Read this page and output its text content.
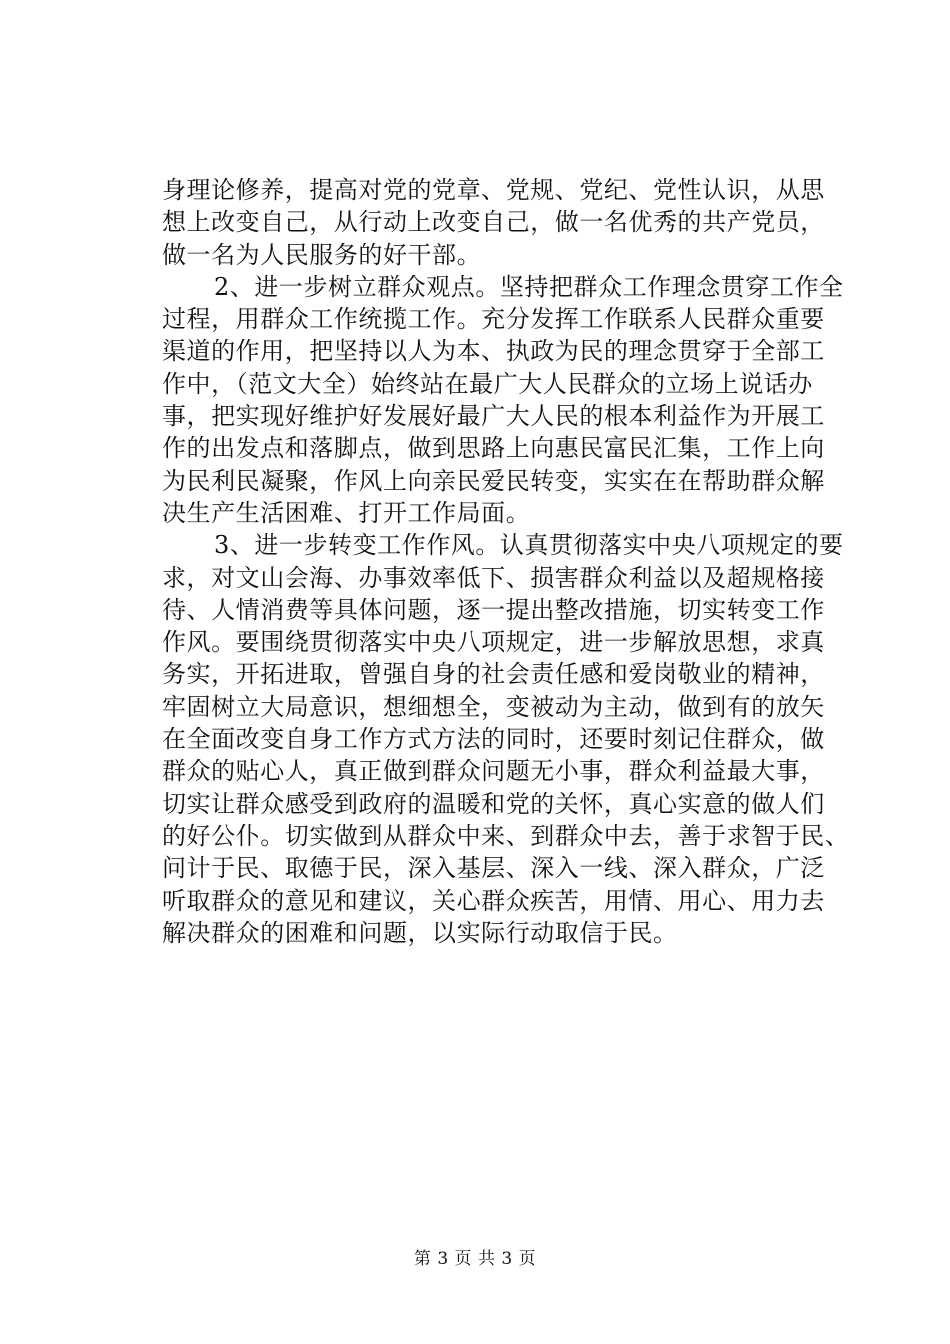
身理论修养，提高对党的党章、党规、党纪、党性认识，从思
想上改变自己，从行动上改变自己，做一名优秀的共产党员，
做一名为人民服务的好干部。
2、进一步树立群众观点。坚持把群众工作理念贯穿工作全
过程，用群众工作统揽工作。充分发挥工作联系人民群众重要
渠道的作用，把坚持以人为本、执政为民的理念贯穿于全部工
作中，（范文大全）始终站在最广大人民群众的立场上说话办
事，把实现好维护好发展好最广大人民的根本利益作为开展工
作的出发点和落脚点，做到思路上向惠民富民汇集，工作上向
为民利民凝聚，作风上向亲民爱民转变，实实在在帮助群众解
决生产生活困难、打开工作局面。
3、进一步转变工作作风。认真贯彻落实中央八项规定的要
求，对文山会海、办事效率低下、损害群众利益以及超规格接
待、人情消费等具体问题，逐一提出整改措施，切实转变工作
作风。要围绕贯彻落实中央八项规定，进一步解放思想，求真
务实，开拓进取，曾强自身的社会责任感和爱岗敬业的精神，
牢固树立大局意识，想细想全，变被动为主动，做到有的放矢
在全面改变自身工作方式方法的同时，还要时刻记住群众，做
群众的贴心人，真正做到群众问题无小事，群众利益最大事，
切实让群众感受到政府的温暖和党的关怀，真心实意的做人们
的好公仆。切实做到从群众中来、到群众中去，善于求智于民、
问计于民、取德于民，深入基层、深入一线、深入群众，广泛
听取群众的意见和建议，关心群众疾苦，用情、用心、用力去
解决群众的困难和问题，以实际行动取信于民。
第 3 页 共 3 页
